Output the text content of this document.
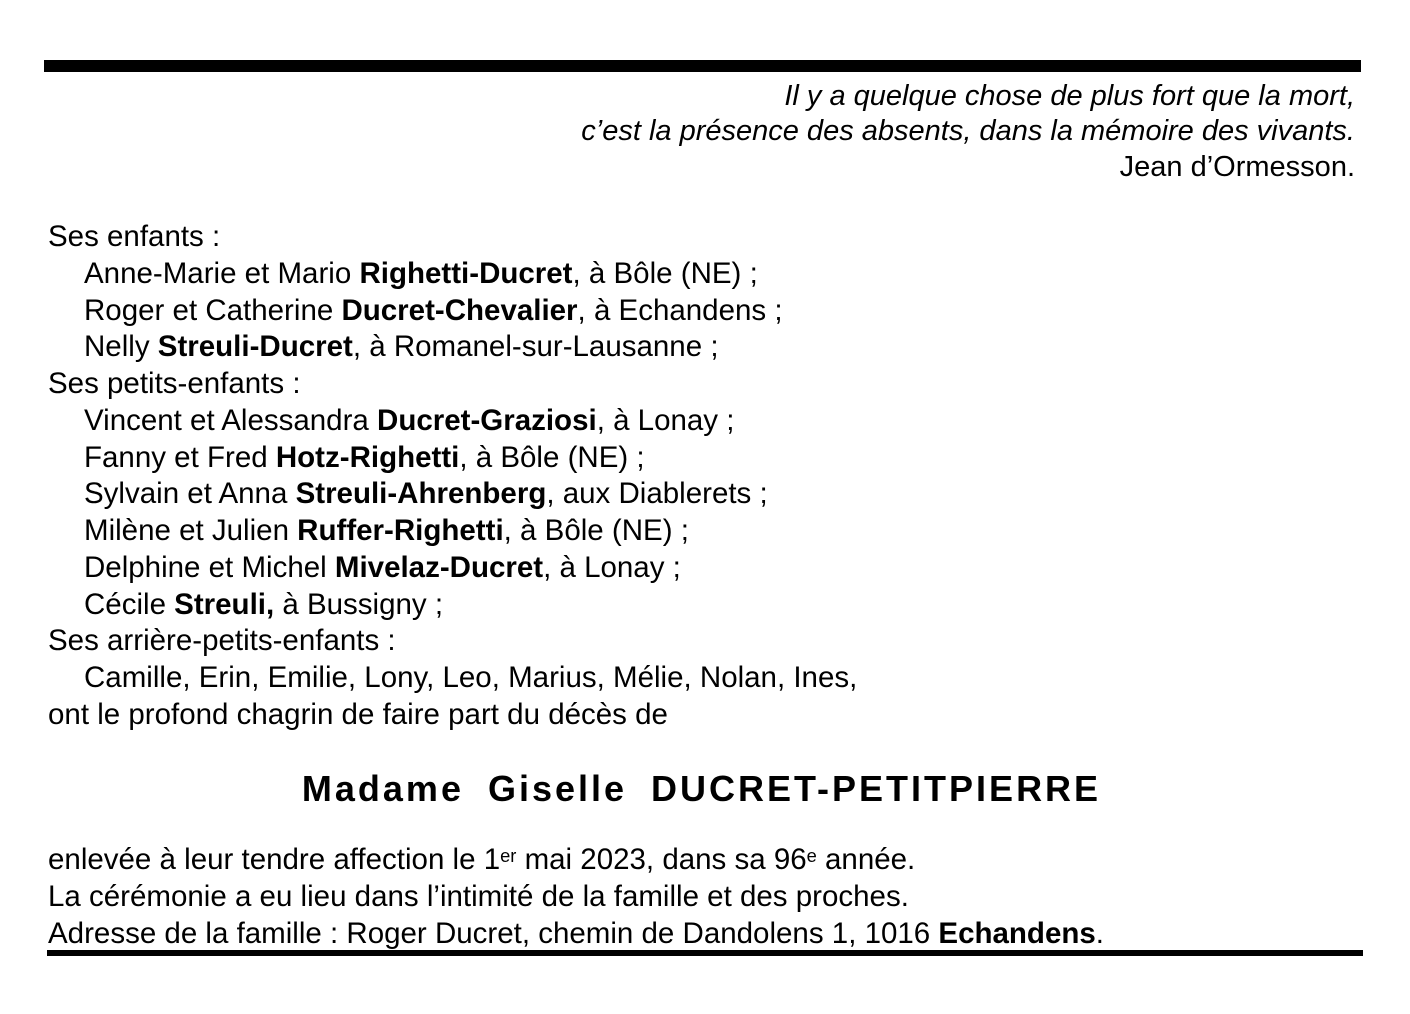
Il y a quelque chose de plus fort que la mort,
c’est la présence des absents, dans la mémoire des vivants.
Jean d’Ormesson.
Ses enfants :
Anne-Marie et Mario Righetti-Ducret, à Bôle (NE) ;
Roger et Catherine Ducret-Chevalier, à Echandens ;
Nelly Streuli-Ducret, à Romanel-sur-Lausanne ;
Ses petits-enfants :
Vincent et Alessandra Ducret-Graziosi, à Lonay ;
Fanny et Fred Hotz-Righetti, à Bôle (NE) ;
Sylvain et Anna Streuli-Ahrenberg, aux Diablerets ;
Milène et Julien Ruffer-Righetti, à Bôle (NE) ;
Delphine et Michel Mivelaz-Ducret, à Lonay ;
Cécile Streuli, à Bussigny ;
Ses arrière-petits-enfants :
Camille, Erin, Emilie, Lony, Leo, Marius, Mélie, Nolan, Ines,
ont le profond chagrin de faire part du décès de
Madame Giselle DUCRET-PETITPIERRE
enlevée à leur tendre affection le 1er mai 2023, dans sa 96e année.
La cérémonie a eu lieu dans l’intimité de la famille et des proches.
Adresse de la famille : Roger Ducret, chemin de Dandolens 1, 1016 Echandens.
